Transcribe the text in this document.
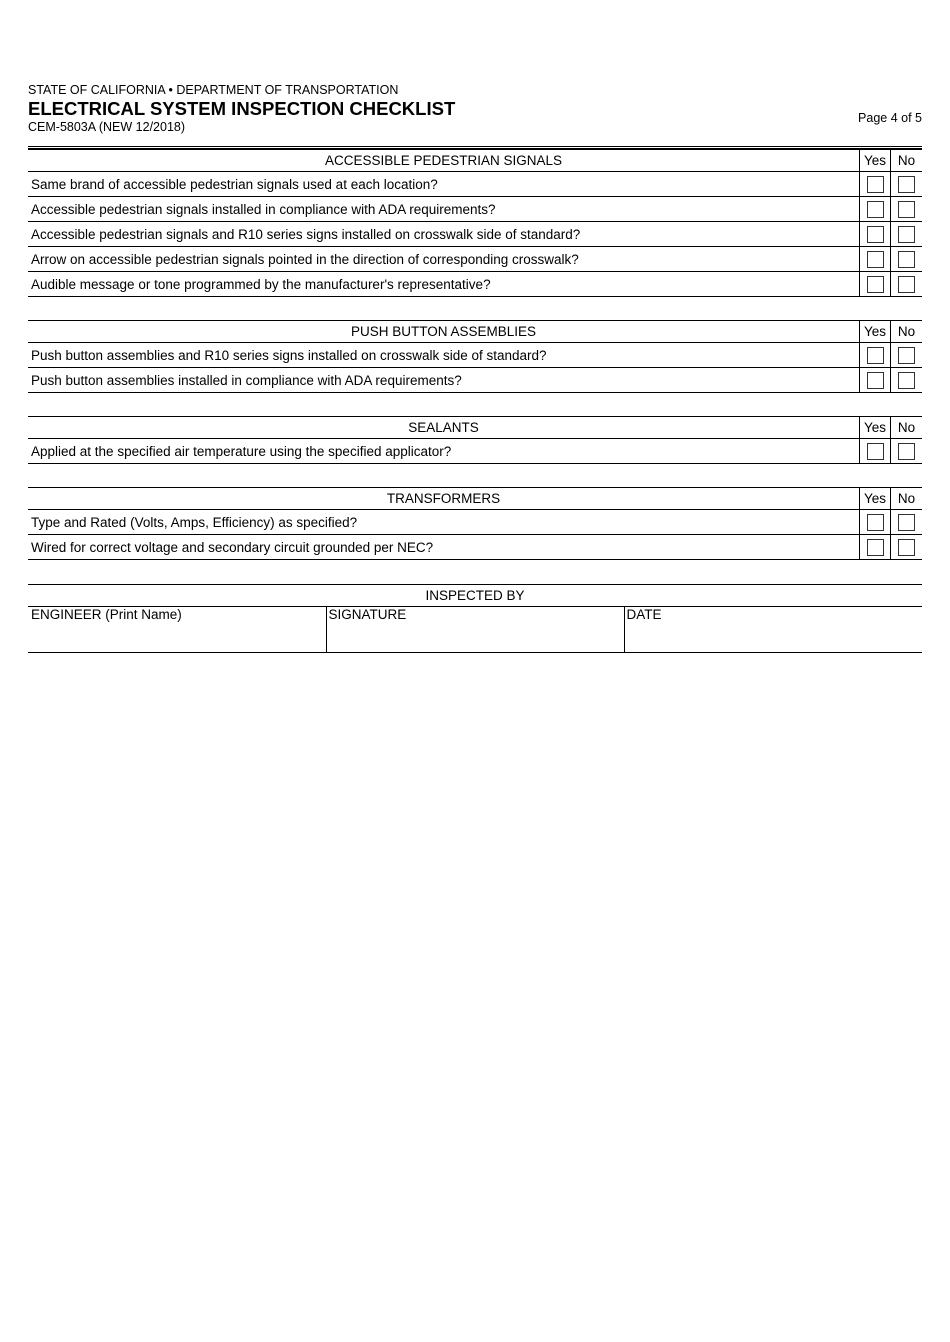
STATE OF CALIFORNIA • DEPARTMENT OF TRANSPORTATION
ELECTRICAL SYSTEM INSPECTION CHECKLIST
CEM-5803A (NEW 12/2018)
Page 4 of 5
ACCESSIBLE PEDESTRIAN SIGNALS	Yes	No
Same brand of accessible pedestrian signals used at each location?		
Accessible pedestrian signals installed in compliance with ADA requirements?		
Accessible pedestrian signals and R10 series signs installed on crosswalk side of standard?		
Arrow on accessible pedestrian signals pointed in the direction of corresponding crosswalk?		
Audible message or tone programmed by the manufacturer's representative?		
PUSH BUTTON ASSEMBLIES	Yes	No
Push button assemblies and R10 series signs installed on crosswalk side of standard?		
Push button assemblies installed in compliance with ADA requirements?		
SEALANTS	Yes	No
Applied at the specified air temperature using the specified applicator?		
TRANSFORMERS	Yes	No
Type and Rated (Volts, Amps, Efficiency) as specified?		
Wired for correct voltage and secondary circuit grounded per NEC?		
INSPECTED BY
ENGINEER (Print Name)	SIGNATURE	DATE
